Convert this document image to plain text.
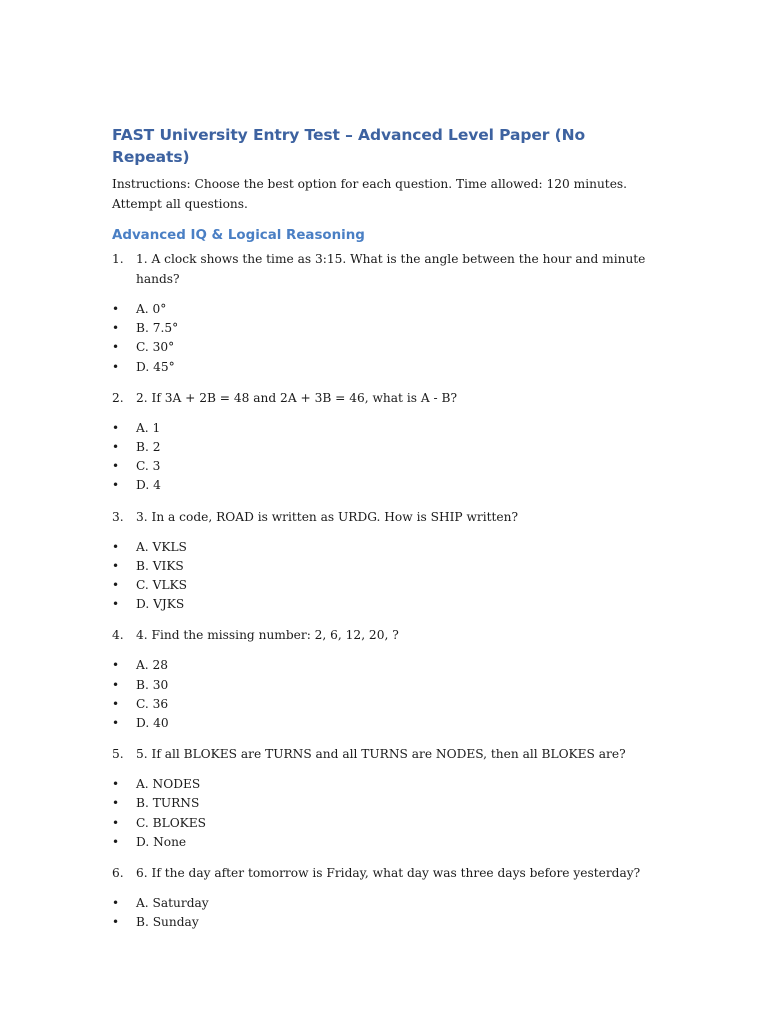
FAST University Entry Test – Advanced Level Paper (No Repeats)

Instructions: Choose the best option for each question. Time allowed: 120 minutes. Attempt all questions.

Advanced IQ & Logical Reasoning
1.	1. A clock shows the time as 3:15. What is the angle between the hour and minute hands?
•	A. 0°
•	B. 7.5°
•	C. 30°
•	D. 45°
2.	2. If 3A + 2B = 48 and 2A + 3B = 46, what is A - B?
•	A. 1
•	B. 2
•	C. 3
•	D. 4
3.	3. In a code, ROAD is written as URDG. How is SHIP written?
•	A. VKLS
•	B. VIKS
•	C. VLKS
•	D. VJKS
4.	4. Find the missing number: 2, 6, 12, 20, ?
•	A. 28
•	B. 30
•	C. 36
•	D. 40
5.	5. If all BLOKES are TURNS and all TURNS are NODES, then all BLOKES are?
•	A. NODES
•	B. TURNS
•	C. BLOKES
•	D. None
6.	6. If the day after tomorrow is Friday, what day was three days before yesterday?
•	A. Saturday
•	B. Sunday
